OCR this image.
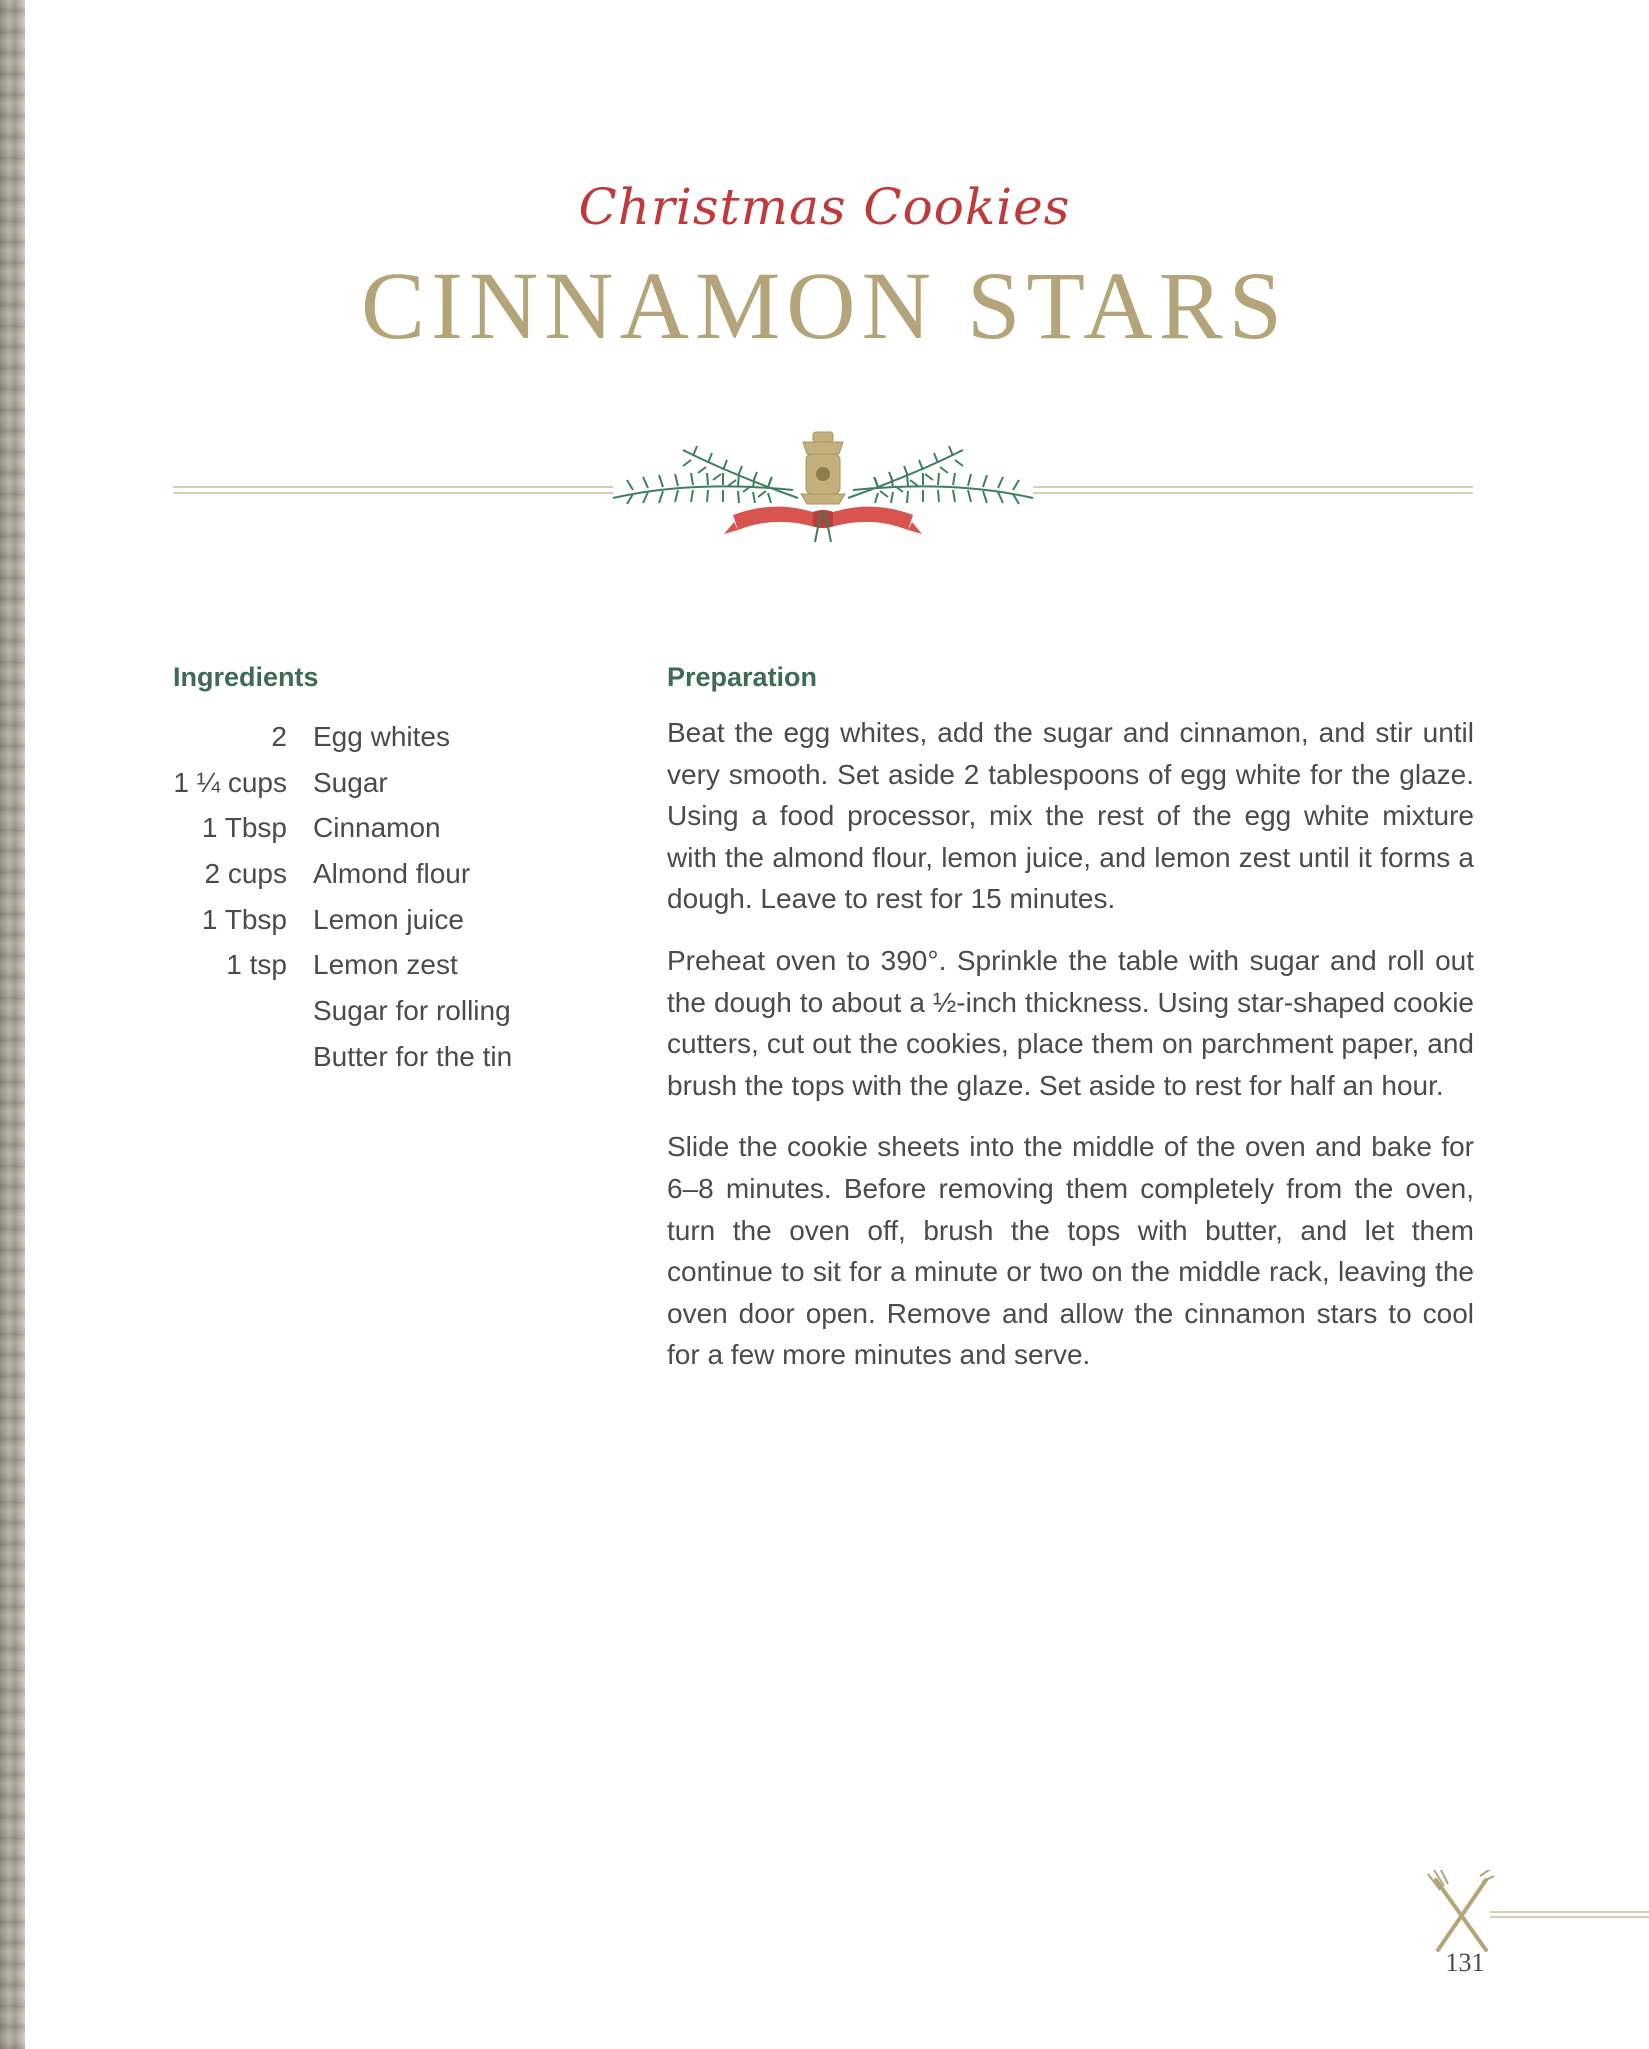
Christmas Cookies
CINNAMON STARS
Ingredients
2 Egg whites
1 ¼ cups Sugar
1 Tbsp Cinnamon
2 cups Almond flour
1 Tbsp Lemon juice
1 tsp Lemon zest
Sugar for rolling
Butter for the tin
Preparation

Beat the egg whites, add the sugar and cinnamon, and stir until very smooth. Set aside 2 tablespoons of egg white for the glaze. Using a food processor, mix the rest of the egg white mixture with the almond flour, lemon juice, and lemon zest until it forms a dough. Leave to rest for 15 minutes.

Preheat oven to 390°. Sprinkle the table with sugar and roll out the dough to about a ½-inch thickness. Using star-shaped cookie cutters, cut out the cookies, place them on parchment paper, and brush the tops with the glaze. Set aside to rest for half an hour.

Slide the cookie sheets into the middle of the oven and bake for 6–8 minutes. Before removing them completely from the oven, turn the oven off, brush the tops with butter, and let them continue to sit for a minute or two on the middle rack, leaving the oven door open. Remove and allow the cinnamon stars to cool for a few more minutes and serve.

131
